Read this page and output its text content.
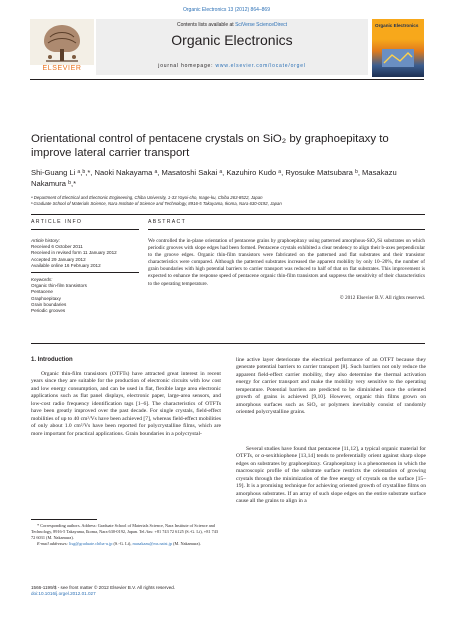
Organic Electronics 13 (2012) 864–869
ELSEVIER
Contents lists available at SciVerse ScienceDirect
Organic Electronics
journal homepage: www.elsevier.com/locate/orgel
Organic Electronics
Orientational control of pentacene crystals on SiO₂ by graphoepitaxy to improve lateral carrier transport
Shi-Guang Li ᵃ,ᵇ,*, Naoki Nakayama ᵃ, Masatoshi Sakai ᵃ, Kazuhiro Kudo ᵃ, Ryosuke Matsubara ᵇ, Masakazu Nakamura ᵇ,*
ᵃ Department of Electrical and Electronic Engineering, Chiba University, 1-33 Yayoi-cho, Inage-ku, Chiba 263-8522, Japan
ᵇ Graduate School of Materials Science, Nara Institute of Science and Technology, 8916-5 Takayama, Ikoma, Nara 630-0192, Japan
ARTICLE INFO	ABSTRACT
Article history:
Received 6 October 2011
Received in revised form 11 January 2012
Accepted 29 January 2012
Available online 16 February 2012
Keywords:
Organic thin-film transistors
Pentacene
Graphoepitaxy
Grain boundaries
Periodic grooves
We controlled the in-plane orientation of pentacene grains by graphoepitaxy using patterned amorphous-SiO₂/Si substrates on which periodic grooves with slope edges had been formed. Pentacene crystals exhibited a clear tendency to align their b-axes perpendicular to the groove edges. Organic thin-film transistors were fabricated on the patterned and flat substrates and their transistor characteristics were compared. Although the patterned substrates increased the apparent mobility by only 10–20%, the number of grain boundaries with high potential barriers to carrier transport was reduced to half of that on flat substrates. This improvement is expected to enhance the response speed of pentacene organic thin-film transistors and suppress the sensitivity of their characteristics to the operating temperature.
© 2012 Elsevier B.V. All rights reserved.
1. Introduction
Organic thin-film transistors (OTFTs) have attracted great interest in recent years since they are suitable for the production of electronic circuits with low cost and low energy consumption, and can be used in flat, flexible large area electronic applications such as flat panel displays, electronic paper, large-area sensors, and low-cost radio frequency identification tags [1–6]. The characteristics of OTFTs have been greatly improved over the past decade. For single crystals, field-effect mobilities of up to 40 cm²/Vs have been achieved [7], whereas field-effect mobilities of only about 1.0 cm²/Vs have been reported for polycrystalline films, which are more important for practical applications. Grain boundaries in a polycrystal-
line active layer deteriorate the electrical performance of an OTFT because they generate potential barriers to carrier transport [8]. Such barriers not only reduce the apparent field-effect carrier mobility, they also determine the thermal activation energy for carrier transport and make the mobility very sensitive to the operating temperature. Potential barriers are predicted to be diminished once the oriented growth of grains is achieved [9,10]. However, organic thin films grown on amorphous surfaces such as SiO₂ or polymers inevitably consist of randomly oriented polycrystalline grains.
Several studies have found that pentacene [11,12], a typical organic material for OTFTs, or α-sexithiophene [13,14] tends to preferentially orient against sharp slope edges on substrates by graphoepitaxy. Graphoepitaxy is a phenomenon in which the macroscopic profile of the substrate surface restricts the orientation of growing crystals through the minimization of the free energy of crystals on the surface [15–19]. It is a promising technique for achieving oriented growth of crystalline films on amorphous substrates. If an array of such slope edges on the entire substrate surface cause all the grains to align in a
* Corresponding authors. Address: Graduate School of Materials Science, Nara Institute of Science and Technology, 8916-5 Takayama, Ikoma, Nara 630-0192, Japan. Tel./fax: +81 743 72 6125 (S.-G. Li), +81 743 72 6031 (M. Nakamura).
E-mail addresses: lisg@graduate.chiba-u.jp (S.-G. Li), masakazu@ms.naist.jp (M. Nakamura).
1566-1199/$ - see front matter © 2012 Elsevier B.V. All rights reserved.
doi:10.1016/j.orgel.2012.01.027
